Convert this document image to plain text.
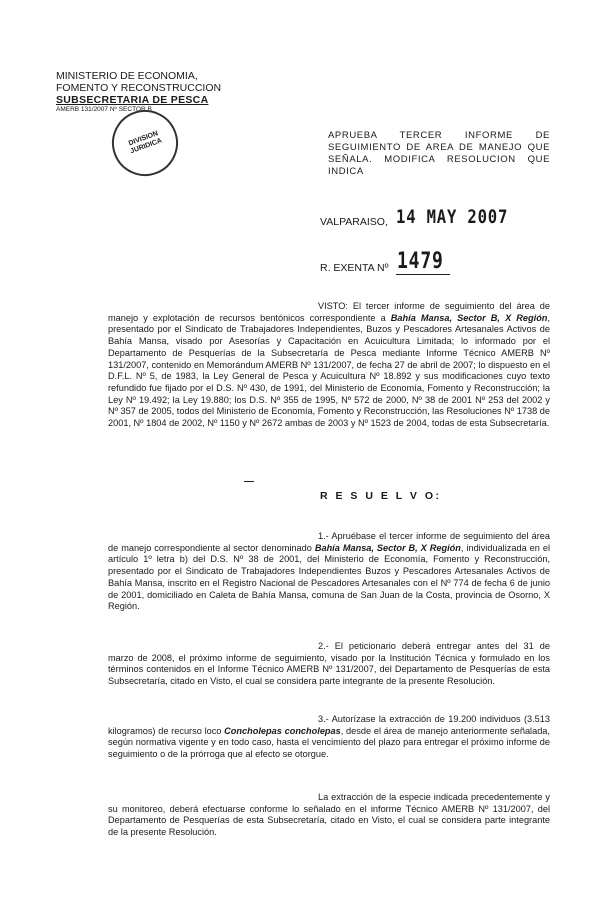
MINISTERIO DE ECONOMIA,
FOMENTO Y RECONSTRUCCION
SUBSECRETARIA DE PESCA
AMERB 131/2007 Nº SECTOR B
DIVISION JURIDICA
APRUEBA TERCER INFORME DE
SEGUIMIENTO DE AREA DE MANEJO QUE
SEÑALA. MODIFICA RESOLUCION QUE
INDICA
VALPARAISO, 14 MAY 2007
R. EXENTA Nº 1479
VISTO: El tercer informe de seguimiento del área de manejo y explotación de recursos bentónicos correspondiente a Bahía Mansa, Sector B, X Región, presentado por el Sindicato de Trabajadores Independientes, Buzos y Pescadores Artesanales Activos de Bahía Mansa, visado por Asesorías y Capacitación en Acuicultura Limitada; lo informado por el Departamento de Pesquerías de la Subsecretaría de Pesca mediante Informe Técnico AMERB Nº 131/2007, contenido en Memorándum AMERB Nº 131/2007, de fecha 27 de abril de 2007; lo dispuesto en el D.F.L. Nº 5, de 1983, la Ley General de Pesca y Acuicultura Nº 18.892 y sus modificaciones cuyo texto refundido fue fijado por el D.S. Nº 430, de 1991, del Ministerio de Economía, Fomento y Reconstrucción; la Ley Nº 19.492; la Ley 19.880; los D.S. Nº 355 de 1995, Nº 572 de 2000, Nº 38 de 2001 Nº 253 del 2002 y Nº 357 de 2005, todos del Ministerio de Economía, Fomento y Reconstrucción, las Resoluciones Nº 1738 de 2001, Nº 1804 de 2002, Nº 1150 y Nº 2672 ambas de 2003 y Nº 1523 de 2004, todas de esta Subsecretaría.
R E S U E L V O:
1.- Apruébase el tercer informe de seguimiento del área de manejo correspondiente al sector denominado Bahía Mansa, Sector B, X Región, individualizada en el artículo 1º letra b) del D.S. Nº 38 de 2001, del Ministerio de Economía, Fomento y Reconstrucción, presentado por el Sindicato de Trabajadores Independientes Buzos y Pescadores Artesanales Activos de Bahía Mansa, inscrito en el Registro Nacional de Pescadores Artesanales con el Nº 774 de fecha 6 de junio de 2001, domiciliado en Caleta de Bahía Mansa, comuna de San Juan de la Costa, provincia de Osorno, X Región.
2.- El peticionario deberá entregar antes del 31 de marzo de 2008, el próximo informe de seguimiento, visado por la Institución Técnica y formulado en los términos contenidos en el Informe Técnico AMERB Nº 131/2007, del Departamento de Pesquerías de esta Subsecretaría, citado en Visto, el cual se considera parte integrante de la presente Resolución.
3.- Autorízase la extracción de 19.200 individuos (3.513 kilogramos) de recurso loco Concholepas concholepas, desde el área de manejo anteriormente señalada, según normativa vigente y en todo caso, hasta el vencimiento del plazo para entregar el próximo informe de seguimiento o de la prórroga que al efecto se otorgue.
La extracción de la especie indicada precedentemente y su monitoreo, deberá efectuarse conforme lo señalado en el informe Técnico AMERB Nº 131/2007, del Departamento de Pesquerías de esta Subsecretaría, citado en Visto, el cual se considera parte integrante de la presente Resolución.
